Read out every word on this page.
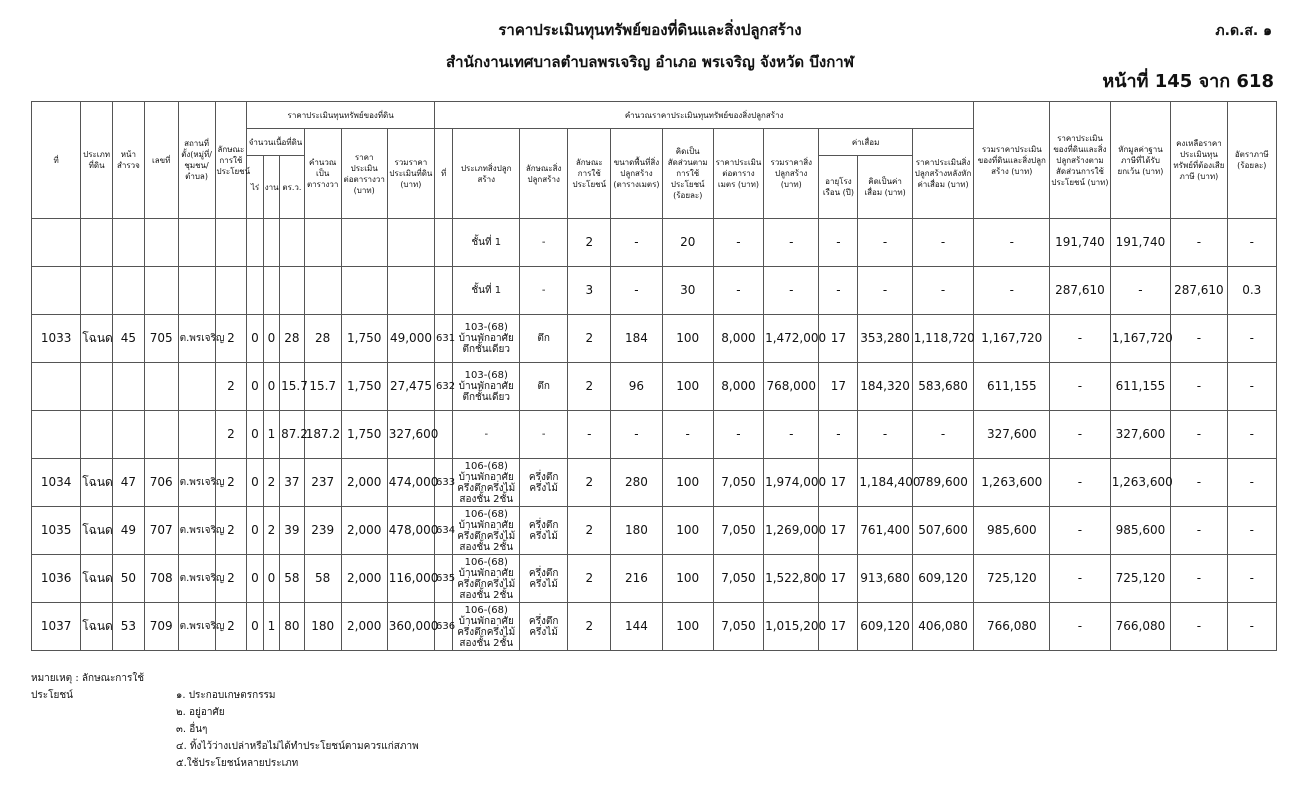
ราคาประเมินทุนทรัพย์ของที่ดินและสิ่งปลูกสร้าง
สำนักงานเทศบาลตำบลพรเจริญ อำเภอ พรเจริญ จังหวัด บึงกาฬ
ภ.ด.ส. ๑
หน้าที่ 145 จาก 618
ที่	ประเภทที่ดิน	หน้าสำรวจ	เลขที่	สถานที่ตั้ง(หมู่ที่/ชุมชน/ตำบล)	ลักษณะการใช้ประโยชน์	ราคาประเมินทุนทรัพย์ของที่ดิน						คำนวณราคาประเมินทุนทรัพย์ของสิ่งปลูกสร้าง											รวมราคาประเมินของที่ดินและสิ่งปลูกสร้าง (บาท)	ราคาประเมินของที่ดินและสิ่งปลูกสร้างตามสัดส่วนการใช้ประโยชน์ (บาท)	หักมูลค่าฐานภาษีที่ได้รับยกเว้น (บาท)	คงเหลือราคาประเมินทุนทรัพย์ที่ต้องเสียภาษี (บาท)	อัตราภาษี (ร้อยละ)
						จำนวนเนื้อที่ดิน			คำนวณเป็นตารางวา	ราคาประเมินต่อตารางวา (บาท)	รวมราคาประเมินที่ดิน (บาท)	ที่	ประเภทสิ่งปลูกสร้าง	ลักษณะสิ่งปลูกสร้าง	ลักษณะการใช้ประโยชน์	ขนาดพื้นที่สิ่งปลูกสร้าง (ตารางเมตร)	คิดเป็นสัดส่วนตามการใช้ประโยชน์ (ร้อยละ)	ราคาประเมินต่อตารางเมตร (บาท)	รวมราคาสิ่งปลูกสร้าง (บาท)	ค่าเสื่อม		ราคาประเมินสิ่งปลูกสร้างหลังหักค่าเสื่อม (บาท)					
						ไร่	งาน	ตร.ว.												อายุโรงเรือน (ปี)	คิดเป็นค่าเสื่อม (บาท)						
													ชั้นที่ 1	-	2	-	20	-	-	-	-	-	-	191,740	191,740	-	-
													ชั้นที่ 1	-	3	-	30	-	-	-	-	-	-	287,610	-	287,610	0.3
1033	โฉนด	45	705	ต.พรเจริญ	2	0	0	28	28	1,750	49,000	631	103-(68) บ้านพักอาศัยตึกชั้นเดียว	ตึก	2	184	100	8,000	1,472,000	17	353,280	1,118,720	1,167,720	-	1,167,720	-	-
					2	0	0	15.7	15.7	1,750	27,475	632	103-(68) บ้านพักอาศัยตึกชั้นเดียว	ตึก	2	96	100	8,000	768,000	17	184,320	583,680	611,155	-	611,155	-	-
					2	0	1	87.2	187.2	1,750	327,600		-	-	-	-	-	-	-	-	-	-	327,600	-	327,600	-	-
1034	โฉนด	47	706	ต.พรเจริญ	2	0	2	37	237	2,000	474,000	633	106-(68) บ้านพักอาศัยครึ่งตึกครึ่งไม้สองชั้น 2ชั้น	ครึ่งตึกครึ่งไม้	2	280	100	7,050	1,974,000	17	1,184,400	789,600	1,263,600	-	1,263,600	-	-
1035	โฉนด	49	707	ต.พรเจริญ	2	0	2	39	239	2,000	478,000	634	106-(68) บ้านพักอาศัยครึ่งตึกครึ่งไม้สองชั้น 2ชั้น	ครึ่งตึกครึ่งไม้	2	180	100	7,050	1,269,000	17	761,400	507,600	985,600	-	985,600	-	-
1036	โฉนด	50	708	ต.พรเจริญ	2	0	0	58	58	2,000	116,000	635	106-(68) บ้านพักอาศัยครึ่งตึกครึ่งไม้สองชั้น 2ชั้น	ครึ่งตึกครึ่งไม้	2	216	100	7,050	1,522,800	17	913,680	609,120	725,120	-	725,120	-	-
1037	โฉนด	53	709	ต.พรเจริญ	2	0	1	80	180	2,000	360,000	636	106-(68) บ้านพักอาศัยครึ่งตึกครึ่งไม้สองชั้น 2ชั้น	ครึ่งตึกครึ่งไม้	2	144	100	7,050	1,015,200	17	609,120	406,080	766,080	-	766,080	-	-
หมายเหตุ : ลักษณะการใช้ประโยชน์	๑. ประกอบเกษตรกรรม
๒. อยู่อาศัย
๓. อื่นๆ
๔. ทิ้งไว้ว่างเปล่าหรือไม่ได้ทำประโยชน์ตามควรแก่สภาพ
๕.ใช้ประโยชน์หลายประเภท
